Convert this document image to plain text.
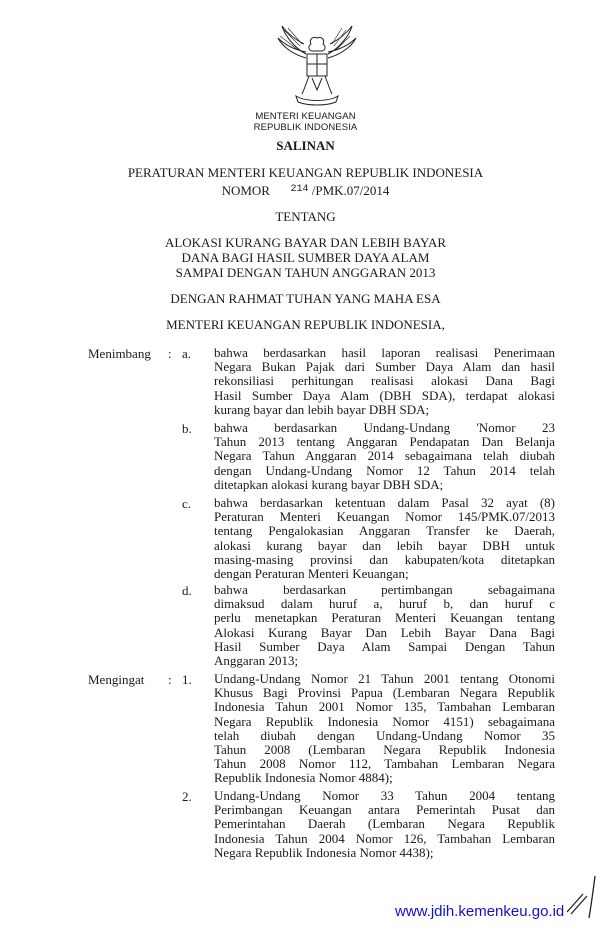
MENTERI KEUANGAN
REPUBLIK INDONESIA
SALINAN
PERATURAN MENTERI KEUANGAN REPUBLIK INDONESIA
NOMOR $^{214}$ /PMK.07/2014
TENTANG
ALOKASI KURANG BAYAR DAN LEBIH BAYAR
DANA BAGI HASIL SUMBER DAYA ALAM
SAMPAI DENGAN TAHUN ANGGARAN 2013
DENGAN RAHMAT TUHAN YANG MAHA ESA
MENTERI KEUANGAN REPUBLIK INDONESIA,
Menimbang : a. bahwa berdasarkan hasil laporan realisasi Penerimaan
Negara Bukan Pajak dari Sumber Daya Alam dan hasil
rekonsiliasi perhitungan realisasi alokasi Dana Bagi
Hasil Sumber Daya Alam (DBH SDA), terdapat alokasi
kurang bayar dan lebih bayar DBH SDA;
b. bahwa berdasarkan Undang-Undang 'Nomor 23
Tahun 2013 tentang Anggaran Pendapatan Dan Belanja
Negara Tahun Anggaran 2014 sebagaimana telah diubah
dengan Undang-Undang Nomor 12 Tahun 2014 telah
ditetapkan alokasi kurang bayar DBH SDA;
c. bahwa berdasarkan ketentuan dalam Pasal 32 ayat (8)
Peraturan Menteri Keuangan Nomor 145/PMK.07/2013
tentang Pengalokasian Anggaran Transfer ke Daerah,
alokasi kurang bayar dan lebih bayar DBH untuk
masing-masing provinsi dan kabupaten/kota ditetapkan
dengan Peraturan Menteri Keuangan;
d. bahwa berdasarkan pertimbangan sebagaimana
dimaksud dalam huruf a, huruf b, dan huruf c
perlu menetapkan Peraturan Menteri Keuangan tentang
Alokasi Kurang Bayar Dan Lebih Bayar Dana Bagi
Hasil Sumber Daya Alam Sampai Dengan Tahun
Anggaran 2013;
Mengingat : 1. Undang-Undang Nomor 21 Tahun 2001 tentang Otonomi
Khusus Bagi Provinsi Papua (Lembaran Negara Republik
Indonesia Tahun 2001 Nomor 135, Tambahan Lembaran
Negara Republik Indonesia Nomor 4151) sebagaimana
telah diubah dengan Undang-Undang Nomor 35
Tahun 2008 (Lembaran Negara Republik Indonesia
Tahun 2008 Nomor 112, Tambahan Lembaran Negara
Republik Indonesia Nomor 4884);
2. Undang-Undang Nomor 33 Tahun 2004 tentang
Perimbangan Keuangan antara Pemerintah Pusat dan
Pemerintahan Daerah (Lembaran Negara Republik
Indonesia Tahun 2004 Nomor 126, Tambahan Lembaran
Negara Republik Indonesia Nomor 4438);
www.jdih.kemenkeu.go.id
